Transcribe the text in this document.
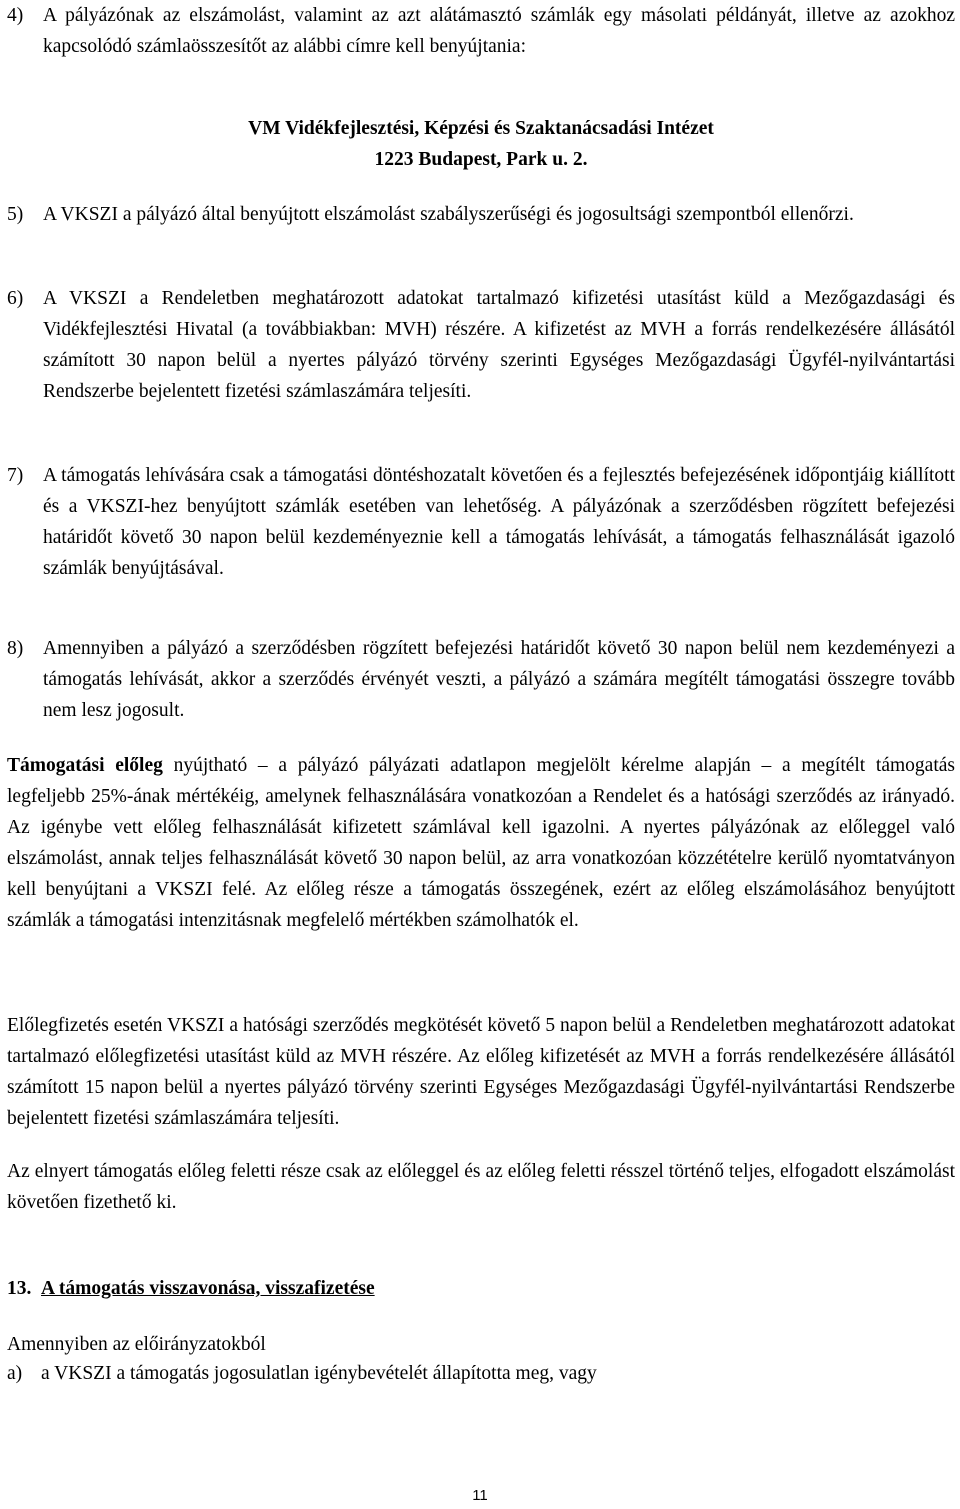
4)	A pályázónak az elszámolást, valamint az azt alátámasztó számlák egy másolati példányát, illetve az azokhoz kapcsolódó számlaösszesítőt az alábbi címre kell benyújtania:
VM Vidékfejlesztési, Képzési és Szaktanácsadási Intézet
1223 Budapest, Park u. 2.
5)	A VKSZI a pályázó által benyújtott elszámolást szabályszerűségi és jogosultsági szempontból ellenőrzi.
6)	A VKSZI a Rendeletben meghatározott adatokat tartalmazó kifizetési utasítást küld a Mezőgazdasági és Vidékfejlesztési Hivatal (a továbbiakban: MVH) részére. A kifizetést az MVH a forrás rendelkezésére állásától számított 30 napon belül a nyertes pályázó törvény szerinti Egységes Mezőgazdasági Ügyfél-nyilvántartási Rendszerbe bejelentett fizetési számlaszámára teljesíti.
7)	A támogatás lehívására csak a támogatási döntéshozatalt követően és a fejlesztés befejezésének időpontjáig kiállított és a VKSZI-hez benyújtott számlák esetében van lehetőség. A pályázónak a szerződésben rögzített befejezési határidőt követő 30 napon belül kezdeményeznie kell a támogatás lehívását, a támogatás felhasználását igazoló számlák benyújtásával.
8)	Amennyiben a pályázó a szerződésben rögzített befejezési határidőt követő 30 napon belül nem kezdeményezi a támogatás lehívását, akkor a szerződés érvényét veszti, a pályázó a számára megítélt támogatási összegre tovább nem lesz jogosult.
Támogatási előleg nyújtható – a pályázó pályázati adatlapon megjelölt kérelme alapján – a megítélt támogatás legfeljebb 25%-ának mértékéig, amelynek felhasználására vonatkozóan a Rendelet és a hatósági szerződés az irányadó. Az igénybe vett előleg felhasználását kifizetett számlával kell igazolni. A nyertes pályázónak az előleggel való elszámolást, annak teljes felhasználását követő 30 napon belül, az arra vonatkozóan közzétételre kerülő nyomtatványon kell benyújtani a VKSZI felé. Az előleg része a támogatás összegének, ezért az előleg elszámolásához benyújtott számlák a támogatási intenzitásnak megfelelő mértékben számolhatók el.
Előlegfizetés esetén VKSZI a hatósági szerződés megkötését követő 5 napon belül a Rendeletben meghatározott adatokat tartalmazó előlegfizetési utasítást küld az MVH részére. Az előleg kifizetését az MVH a forrás rendelkezésére állásától számított 15 napon belül a nyertes pályázó törvény szerinti Egységes Mezőgazdasági Ügyfél-nyilvántartási Rendszerbe bejelentett fizetési számlaszámára teljesíti.
Az elnyert támogatás előleg feletti része csak az előleggel és az előleg feletti résszel történő teljes, elfogadott elszámolást követően fizethető ki.
13. A támogatás visszavonása, visszafizetése
Amennyiben az előirányzatokból
a) a VKSZI a támogatás jogosulatlan igénybevételét állapította meg, vagy
11
